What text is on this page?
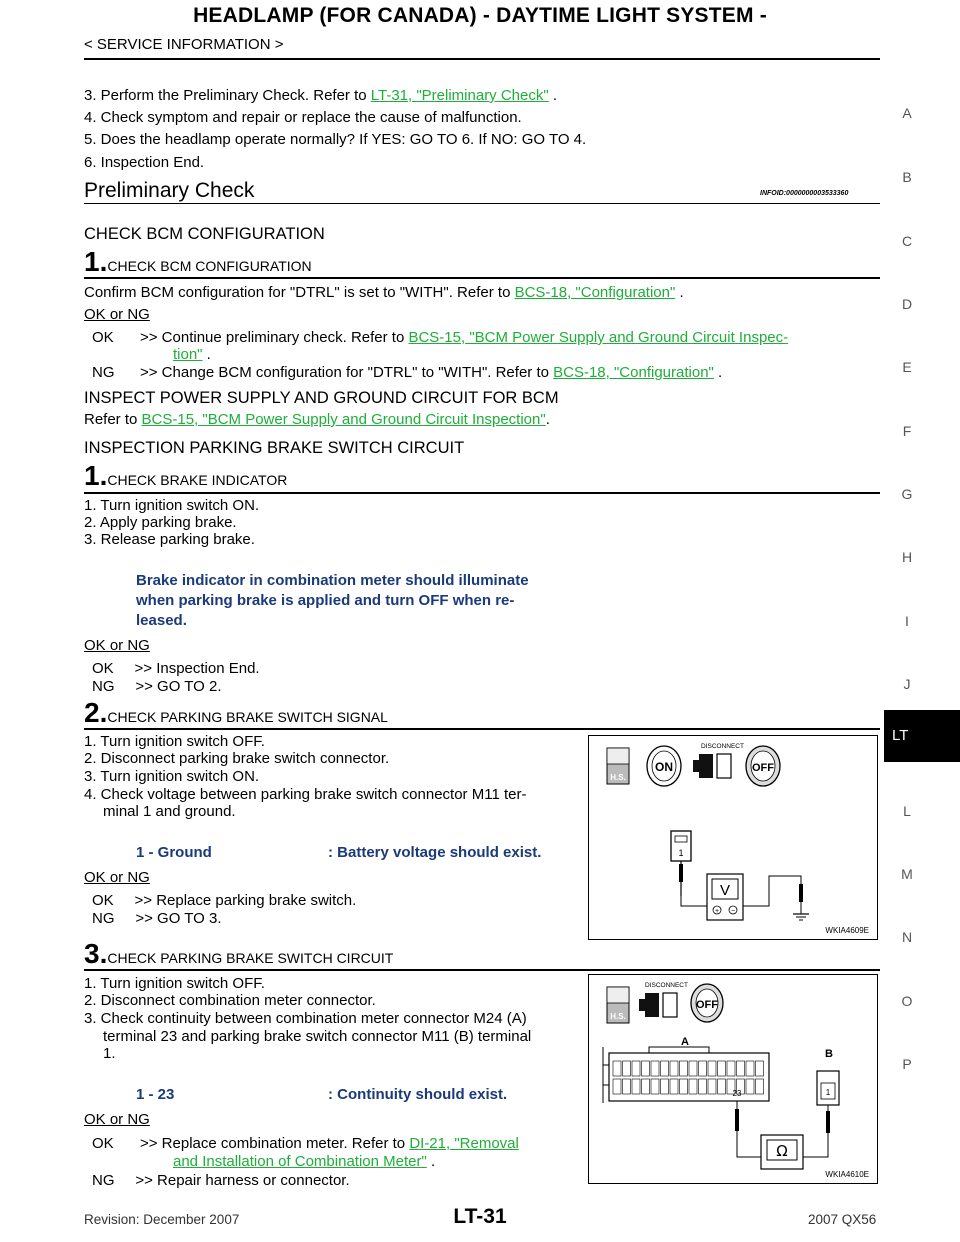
HEADLAMP (FOR CANADA) - DAYTIME LIGHT SYSTEM -
< SERVICE INFORMATION >
3. Perform the Preliminary Check. Refer to LT-31, "Preliminary Check" .
4. Check symptom and repair or replace the cause of malfunction.
5. Does the headlamp operate normally? If YES: GO TO 6. If NO: GO TO 4.
6. Inspection End.
Preliminary Check	INFOID:0000000003533360
CHECK BCM CONFIGURATION
1.CHECK BCM CONFIGURATION
Confirm BCM configuration for "DTRL" is set to "WITH". Refer to BCS-18, "Configuration" .
OK or NG
OK >> Continue preliminary check. Refer to BCS-15, "BCM Power Supply and Ground Circuit Inspec-
tion" .
NG >> Change BCM configuration for "DTRL" to "WITH". Refer to BCS-18, "Configuration" .
INSPECT POWER SUPPLY AND GROUND CIRCUIT FOR BCM
Refer to BCS-15, "BCM Power Supply and Ground Circuit Inspection".
INSPECTION PARKING BRAKE SWITCH CIRCUIT
1.CHECK BRAKE INDICATOR
1. Turn ignition switch ON.
2. Apply parking brake.
3. Release parking brake.
Brake indicator in combination meter should illuminate
when parking brake is applied and turn OFF when re-
leased.
OK or NG
OK     >> Inspection End.
NG     >> GO TO 2.
2.CHECK PARKING BRAKE SWITCH SIGNAL
1. Turn ignition switch OFF.
2. Disconnect parking brake switch connector.
3. Turn ignition switch ON.
4. Check voltage between parking brake switch connector M11 ter-
minal 1 and ground.
1 - Ground	: Battery voltage should exist.
OK or NG
OK     >> Replace parking brake switch.
NG     >> GO TO 3.
3.CHECK PARKING BRAKE SWITCH CIRCUIT
1. Turn ignition switch OFF.
2. Disconnect combination meter connector.
3. Check continuity between combination meter connector M24 (A)
terminal 23 and parking brake switch connector M11 (B) terminal
1.
1 - 23	: Continuity should exist.
OK or NG
OK >> Replace combination meter. Refer to DI-21, "Removal
and Installation of Combination Meter" .
NG     >> Repair harness or connector.
H.S.
ON
DISCONNECT
OFF
1
V
+ −
WKIA4609E
H.S.
DISCONNECT
OFF
A
B
23	1
Ω
WKIA4610E
A
B
C
D
E
F
G
H
I
J
LT
L
M
N
O
P
Revision: December 2007	LT-31	2007 QX56
